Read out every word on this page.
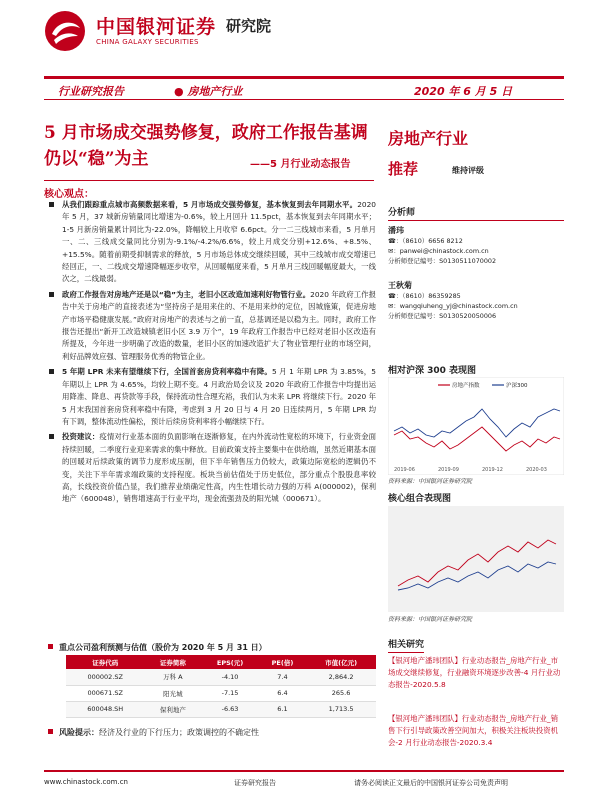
中国银河证券 研究院
CHINA GALAXY SECURITIES
行业研究报告	● 房地产行业	2020 年 6 月 5 日
5 月市场成交强势修复，政府工作报告基调仍以“稳”为主	——5 月行业动态报告
房地产行业
推荐	维持评级
核心观点：
从我们跟踪重点城市高频数据来看，5 月市场成交强势修复，基本恢复到去年同期水平。2020 年 5 月，37 城新房销量同比增速为-0.6%，较上月回升 11.5pct，基本恢复到去年同期水平；1-5 月新房销量累计同比为-22.0%，降幅较上月收窄 6.6pct。分一二三线城市来看，5 月单月一、二、三线成交量同比分别为-9.1%/-4.2%/6.6%，较上月成交分别+12.6%、+8.5%、+15.5%。随着前期受抑制需求的释放，5 月市场总体成交继续回暖，其中三线城市成交增速已经回正，一、二线成交增速降幅逐步收窄，从回暖幅度来看，5 月单月三线回暖幅度最大，一线次之，二线最弱。
政府工作报告对房地产还是以“稳”为主，老旧小区改造加速利好物管行业。2020 年政府工作报告中关于房地产的直接表述为“坚持房子是用来住的、不是用来炒的定位，因城施策，促进房地产市场平稳健康发展。”政府对房地产的表述与之前一直，总基调还是以稳为主。同时，政府工作报告还提出“新开工改造城镇老旧小区 3.9 万个”，19 年政府工作报告中已经对老旧小区改造有所提及，今年进一步明确了改造的数量，老旧小区的加速改造扩大了物业管理行业的市场空间，利好品牌效应强、管理服务优秀的物管企业。
5 年期 LPR 未来有望继续下行，全国首套房贷利率稳中有降。5 月 1 年期 LPR 为 3.85%，5 年期以上 LPR 为 4.65%，均较上期不变。4 月政治局会议及 2020 年政府工作报告中均提出运用降准、降息、再贷款等手段，保持流动性合理充裕，我们认为未来 LPR 将继续下行。2020 年 5 月末我国首套房贷利率稳中有降，考虑到 3 月 20 日与 4 月 20 日连续两月，5 年期 LPR 均有下调，整体流动性偏松，预计后续房贷利率将小幅继续下行。
投资建议：疫情对行业基本面的负面影响在逐渐修复，在内外流动性宽松的环境下，行业资金面持续回暖，二季度行业迎来需求的集中释放。目前政策支持主要集中在供给端，虽然近期基本面的回暖对后续政策的调节力度形成压制，但下半年销售压力仍较大，政策边际宽松的逻辑仍不变，关注下半年需求端政策的支持程度。板块当前估值处于历史低位，部分重点个股股息率较高，长线投资价值凸显，我们推荐业绩确定性高，内生性增长动力强的万科 A(000002)，保利地产（600048），销售增速高于行业平均，现金流强劲及的阳光城（000671）。
重点公司盈利预测与估值（股价为 2020 年 5 月 31 日）
证券代码	证券简称	EPS(元)	PE(倍)	市值(亿元)
000002.SZ	万科 A	-4.10	7.4	2,864.2
000671.SZ	阳光城	-7.15	6.4	265.6
600048.SH	保利地产	-6.63	6.1	1,713.5
风险提示：经济及行业的下行压力；政策调控的不确定性
分析师
潘玮
☎：（8610）6656 8212
✉：panwei@chinastock.com.cn
分析师登记编号：S0130511070002
王秋菊
☎：（8610）86359285
✉：wangqiuheng_yj@chinastock.com.cn
分析师登记编号：S0130520050006
相对沪深 300 表现图
房地产指数	沪深300
2019-06	2019-09	2019-12	2020-03
资料来源：中国银河证券研究院
核心组合表现图
资料来源：中国银河证券研究院
相关研究
【银河地产潘玮团队】行业动态报告_房地产行业_市场成交继续修复，行业融资环境逐步改善-4 月行业动态报告-2020.5.8
【银河地产潘玮团队】行业动态报告_房地产行业_销售下行引导政策改善空间加大，积极关注板块投资机会-2 月行业动态报告-2020.3.4
www.chinastock.com.cn	证券研究报告	请务必阅读正文最后的中国银河证券公司免责声明
